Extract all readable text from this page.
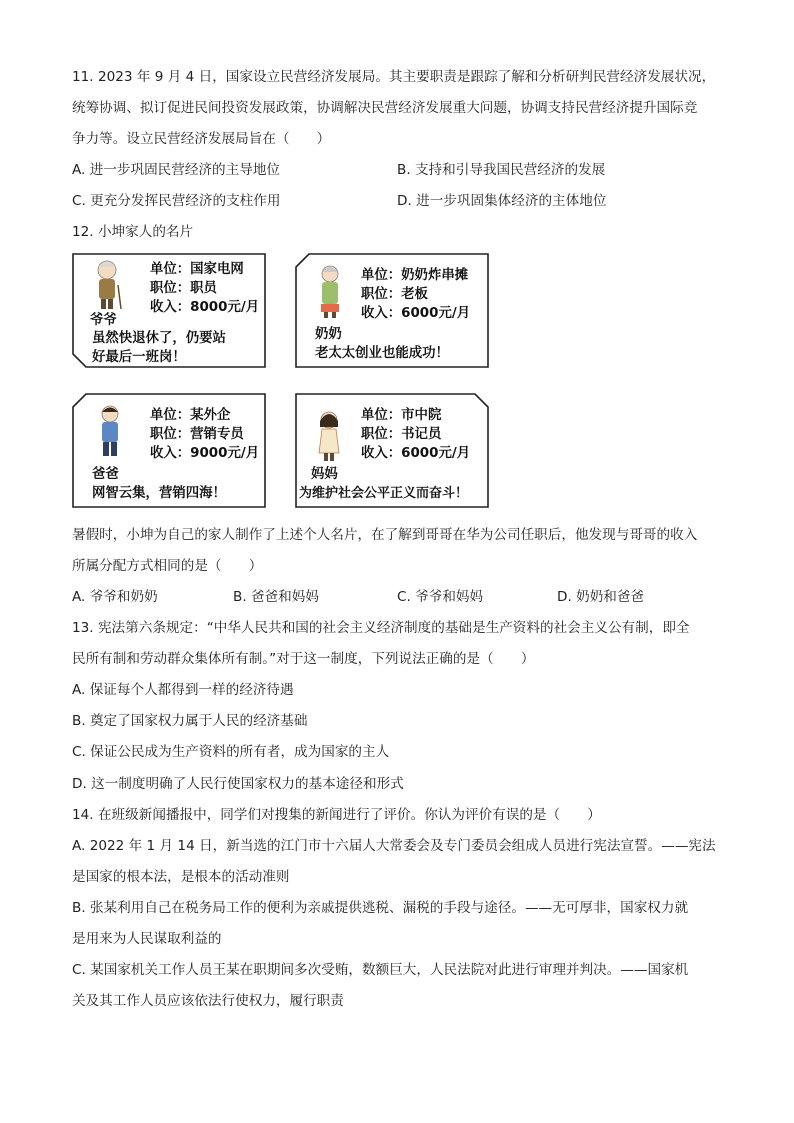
11. 2023 年 9 月 4 日，国家设立民营经济发展局。其主要职责是跟踪了解和分析研判民营经济发展状况，
统筹协调、拟订促进民间投资发展政策，协调解决民营经济发展重大问题，协调支持民营经济提升国际竞
争力等。设立民营经济发展局旨在（　　）
A. 进一步巩固民营经济的主导地位	B. 支持和引导我国民营经济的发展
C. 更充分发挥民营经济的支柱作用	D. 进一步巩固集体经济的主体地位
12. 小坤家人的名片
单位：国家电网
职位：职员
收入：8000元/月
爷爷
虽然快退休了，仍要站
好最后一班岗！
单位：奶奶炸串摊
职位：老板
收入：6000元/月
奶奶
老太太创业也能成功！
单位：某外企
职位：营销专员
收入：9000元/月
爸爸
网智云集，营销四海！
单位：市中院
职位：书记员
收入：6000元/月
妈妈
为维护社会公平正义而奋斗！
暑假时，小坤为自己的家人制作了上述个人名片，在了解到哥哥在华为公司任职后，他发现与哥哥的收入
所属分配方式相同的是（　　）
A. 爷爷和奶奶	B. 爸爸和妈妈	C. 爷爷和妈妈	D. 奶奶和爸爸
13. 宪法第六条规定：“中华人民共和国的社会主义经济制度的基础是生产资料的社会主义公有制，即全
民所有制和劳动群众集体所有制。”对于这一制度，下列说法正确的是（　　）
A. 保证每个人都得到一样的经济待遇
B. 奠定了国家权力属于人民的经济基础
C. 保证公民成为生产资料的所有者，成为国家的主人
D. 这一制度明确了人民行使国家权力的基本途径和形式
14. 在班级新闻播报中，同学们对搜集的新闻进行了评价。你认为评价有误的是（　　）
A. 2022 年 1 月 14 日，新当选的江门市十六届人大常委会及专门委员会组成人员进行宪法宣誓。——宪法
是国家的根本法，是根本的活动准则
B. 张某利用自己在税务局工作的便利为亲戚提供逃税、漏税的手段与途径。——无可厚非，国家权力就
是用来为人民谋取利益的
C. 某国家机关工作人员王某在职期间多次受贿，数额巨大，人民法院对此进行审理并判决。——国家机
关及其工作人员应该依法行使权力，履行职责
